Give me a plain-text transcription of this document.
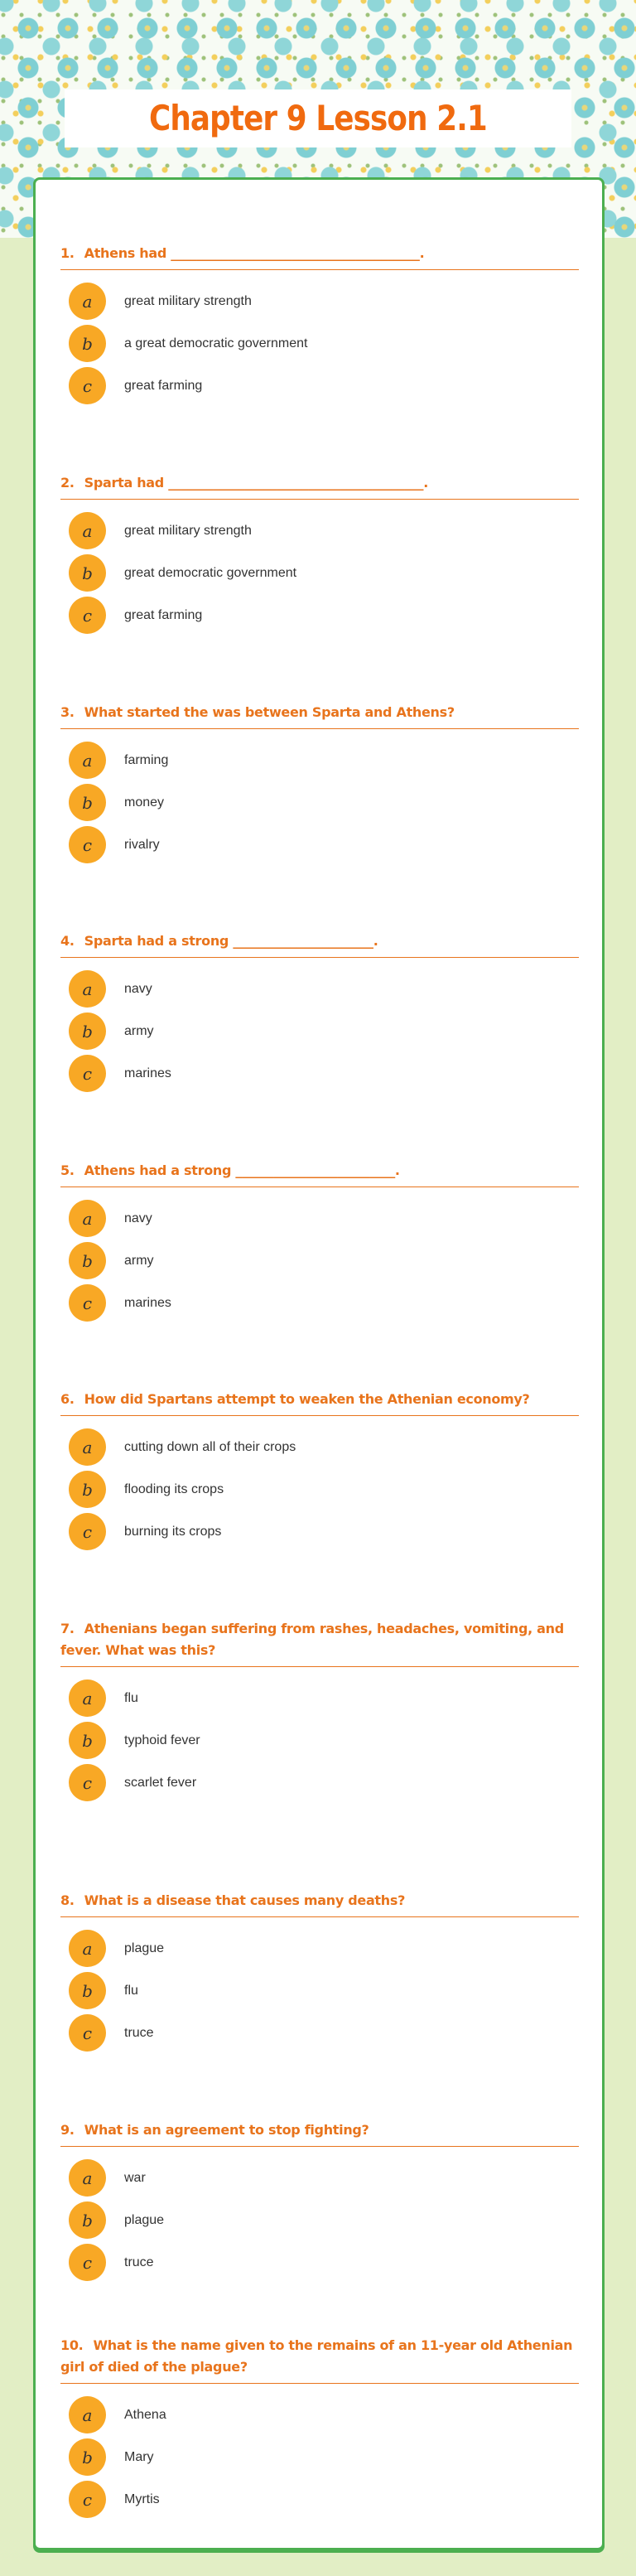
Chapter 9 Lesson 2.1
1. Athens had _______________________________________.
a	great military strength
b	a great democratic government
c	great farming
2. Sparta had ________________________________________.
a	great military strength
b	great democratic government
c	great farming
3. What started the was between Sparta and Athens?
a	farming
b	money
c	rivalry
4. Sparta had a strong ______________________.
a	navy
b	army
c	marines
5. Athens had a strong _________________________.
a	navy
b	army
c	marines
6. How did Spartans attempt to weaken the Athenian economy?
a	cutting down all of their crops
b	flooding its crops
c	burning its crops
7. Athenians began suffering from rashes, headaches, vomiting, and fever. What was this?
a	flu
b	typhoid fever
c	scarlet fever
8. What is a disease that causes many deaths?
a	plague
b	flu
c	truce
9. What is an agreement to stop fighting?
a	war
b	plague
c	truce
10. What is the name given to the remains of an 11-year old Athenian girl of died of the plague?
a	Athena
b	Mary
c	Myrtis
